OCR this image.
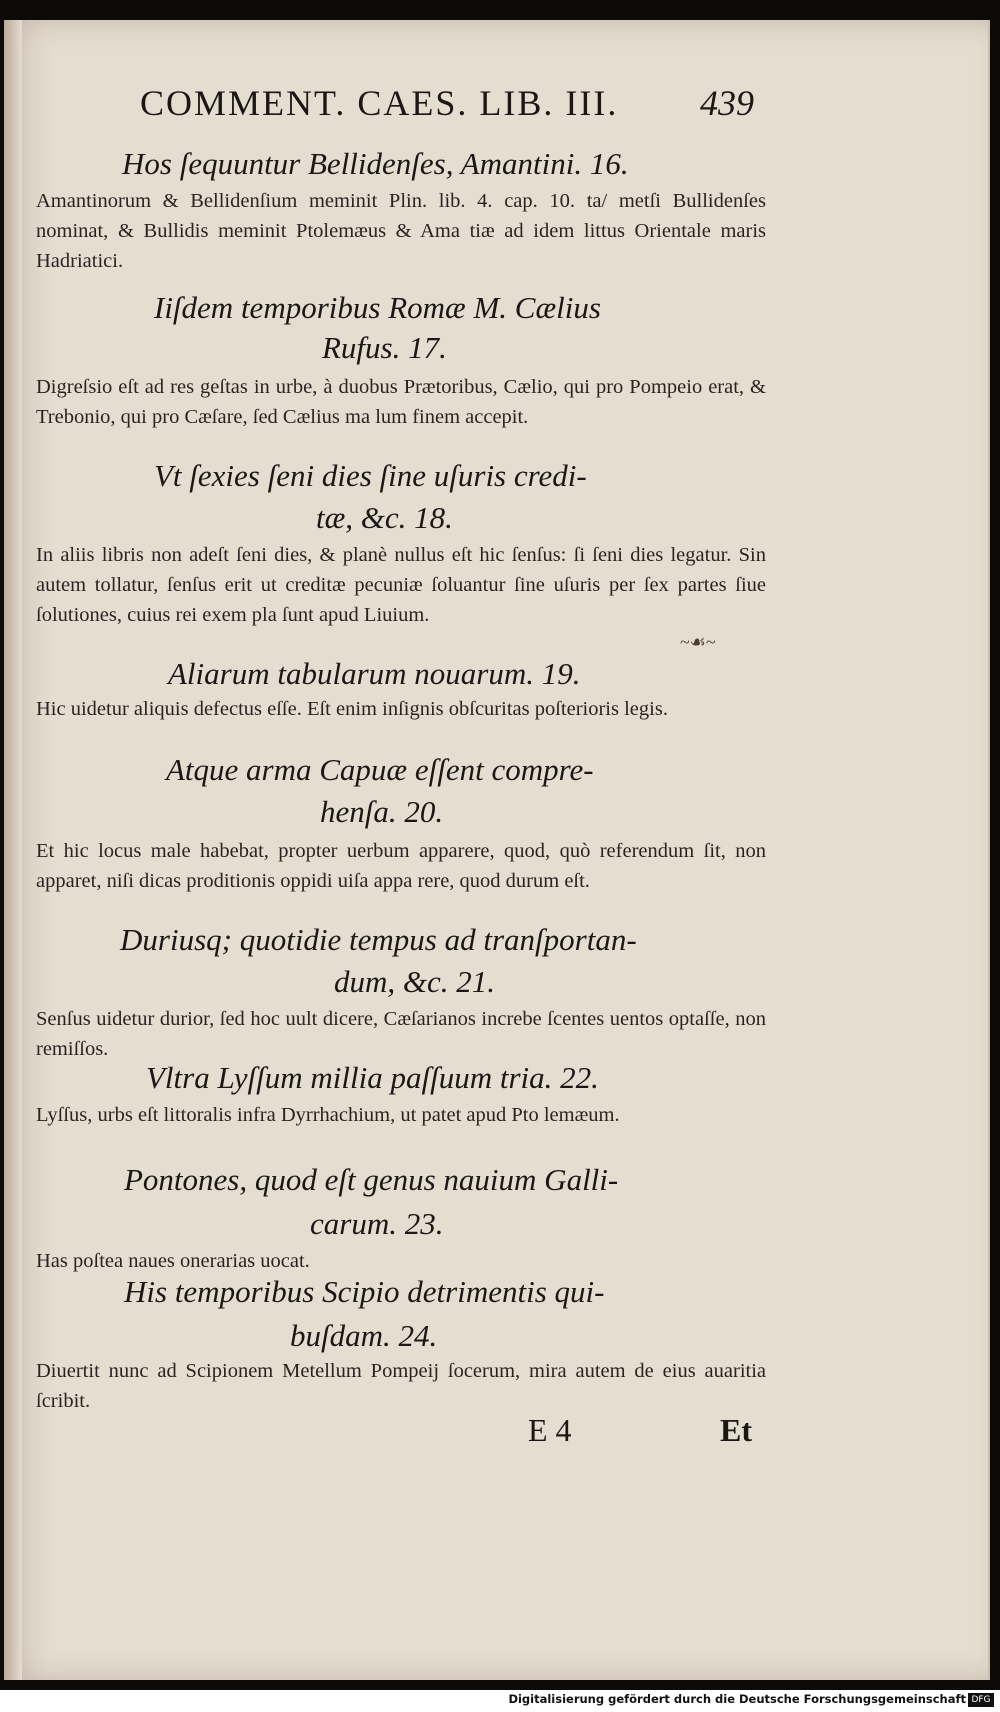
COMMENT. CAES. LIB. III.	439
Hos ſequuntur Bellidenſes, Amantini. 16.
Amantinorum & Bellidenſium meminit Plin. lib. 4. cap. 10. ta/ metſi Bullidenſes nominat, & Bullidis meminit Ptolemæus & Ama tiæ ad idem littus Orientale maris Hadriatici.
Iiſdem temporibus Romæ M. Cælius
Rufus. 17.
Digreſsio eſt ad res geſtas in urbe, à duobus Prætoribus, Cælio, qui pro Pompeio erat, & Trebonio, qui pro Cæſare, ſed Cælius ma lum finem accepit.
Vt ſexies ſeni dies ſine uſuris credi-
tæ, &c. 18.
In aliis libris non adeſt ſeni dies, & planè nullus eſt hic ſenſus: ſi ſeni dies legatur. Sin autem tollatur, ſenſus erit ut creditæ pecuniæ ſoluantur ſine uſuris per ſex partes ſiue ſolutiones, cuius rei exem pla ſunt apud Liuium.
~☙~
Aliarum tabularum nouarum. 19.
Hic uidetur aliquis defectus eſſe. Eſt enim inſignis obſcuritas poſterioris legis.
Atque arma Capuæ eſſent compre-
henſa. 20.
Et hic locus male habebat, propter uerbum apparere, quod, quò referendum ſit, non apparet, niſi dicas proditionis oppidi uiſa appa rere, quod durum eſt.
Duriusq; quotidie tempus ad tranſportan-
dum, &c. 21.
Senſus uidetur durior, ſed hoc uult dicere, Cæſarianos increbe ſcentes uentos optaſſe, non remiſſos.
Vltra Lyſſum millia paſſuum tria. 22.
Lyſſus, urbs eſt littoralis infra Dyrrhachium, ut patet apud Pto lemæum.
Pontones, quod eſt genus nauium Galli-
carum. 23.
Has poſtea naues onerarias uocat.
His temporibus Scipio detrimentis qui-
buſdam. 24.
Diuertit nunc ad Scipionem Metellum Pompeij ſocerum, mira autem de eius auaritia ſcribit.
E 4	Et
Digitalisierung gefördert durch die Deutsche Forschungsgemeinschaft DFG
